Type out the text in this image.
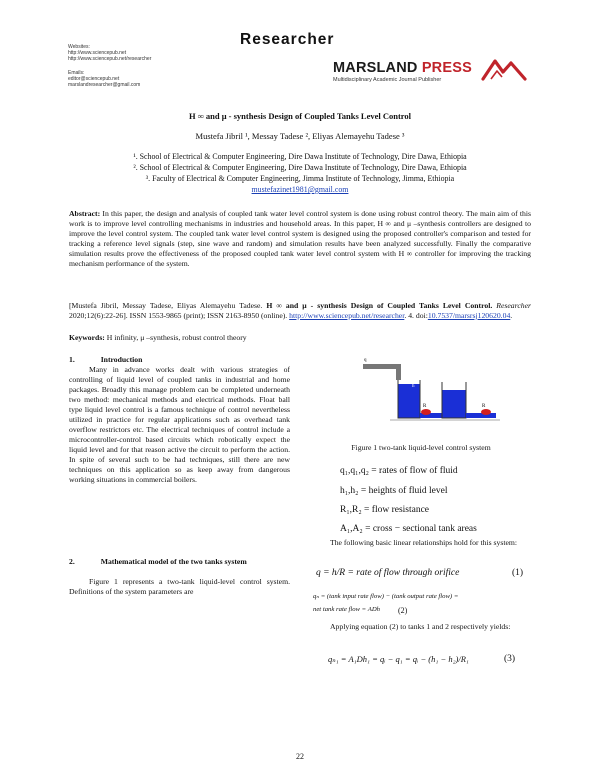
Websites:
http://www.sciencepub.net
http://www.sciencepub.net/researcher
Emails:
editor@sciencepub.net
marslandresearcher@gmail.com
Researcher
MARSLAND PRESS
Multidisciplinary Academic Journal Publisher
H ∞ and μ - synthesis Design of Coupled Tanks Level Control
Mustefa Jibril ¹, Messay Tadese ², Eliyas Alemayehu Tadese ³
¹. School of Electrical & Computer Engineering, Dire Dawa Institute of Technology, Dire Dawa, Ethiopia
². School of Electrical & Computer Engineering, Dire Dawa Institute of Technology, Dire Dawa, Ethiopia
³. Faculty of Electrical & Computer Engineering, Jimma Institute of Technology, Jimma, Ethiopia
mustefazinet1981@gmail.com
Abstract: In this paper, the design and analysis of coupled tank water level control system is done using robust control theory. The main aim of this work is to improve level controlling mechanisms in industries and household areas. In this paper, H ∞ and μ –synthesis controllers are designed to improve the level control system. The coupled tank water level control system is designed using the proposed controller's comparison and tested for tracking a reference level signals (step, sine wave and random) and simulation results have been analyzed successfully. Finally the comparative simulation results prove the effectiveness of the proposed coupled tank water level control system with H ∞ controller for improving the tracking mechanism performance of the system.
[Mustefa Jibril, Messay Tadese, Eliyas Alemayehu Tadese. H ∞ and μ - synthesis Design of Coupled Tanks Level Control. Researcher 2020;12(6):22-26]. ISSN 1553-9865 (print); ISSN 2163-8950 (online). http://www.sciencepub.net/researcher. 4. doi:10.7537/marsrsj120620.04.
Keywords: H infinity, μ –synthesis, robust control theory
1.	Introduction
Many in advance works dealt with various strategies of controlling of liquid level of coupled tanks in industrial and home packages. Broadly this manage problem can be completed underneath two method: mechanical methods and electrical methods. Float ball type liquid level control is a famous technique of control nevertheless utilized in practice for regular applications such as overhead tank overflow restrictors etc. The electrical techniques of control include a microcontroller-control based circuits which robotically expect the liquid level and for that reason active the circuit to perform the action. In spite of several such to be had techniques, still there are new techniques on this application so as keep away from dangerous working situations in commercial boilers.
2.	Mathematical model of the two tanks system
Figure 1 represents a two-tank liquid-level control system. Definitions of the system parameters are
q
h
R	R
Figure 1 two-tank liquid-level control system
q₁,q₁,q₂ = rates of flow of fluid
h₁,h₂ = heights of fluid level
R₁,R₂ = flow resistance
A₁,A₂ = cross − sectional tank areas
The following basic linear relationships hold for this system:
q = h/R = rate of flow through orifice	(1)
qₙ = (tank input rate flow) − (tank output rate flow) =
net tank rate flow = ADh (2)
Applying equation (2) to tanks 1 and 2 respectively yields:
qₙ₁ = A₁Dh₁ = qᵢ − q₁ = qᵢ − (h₁ − h₂)/R₁	(3)
22
